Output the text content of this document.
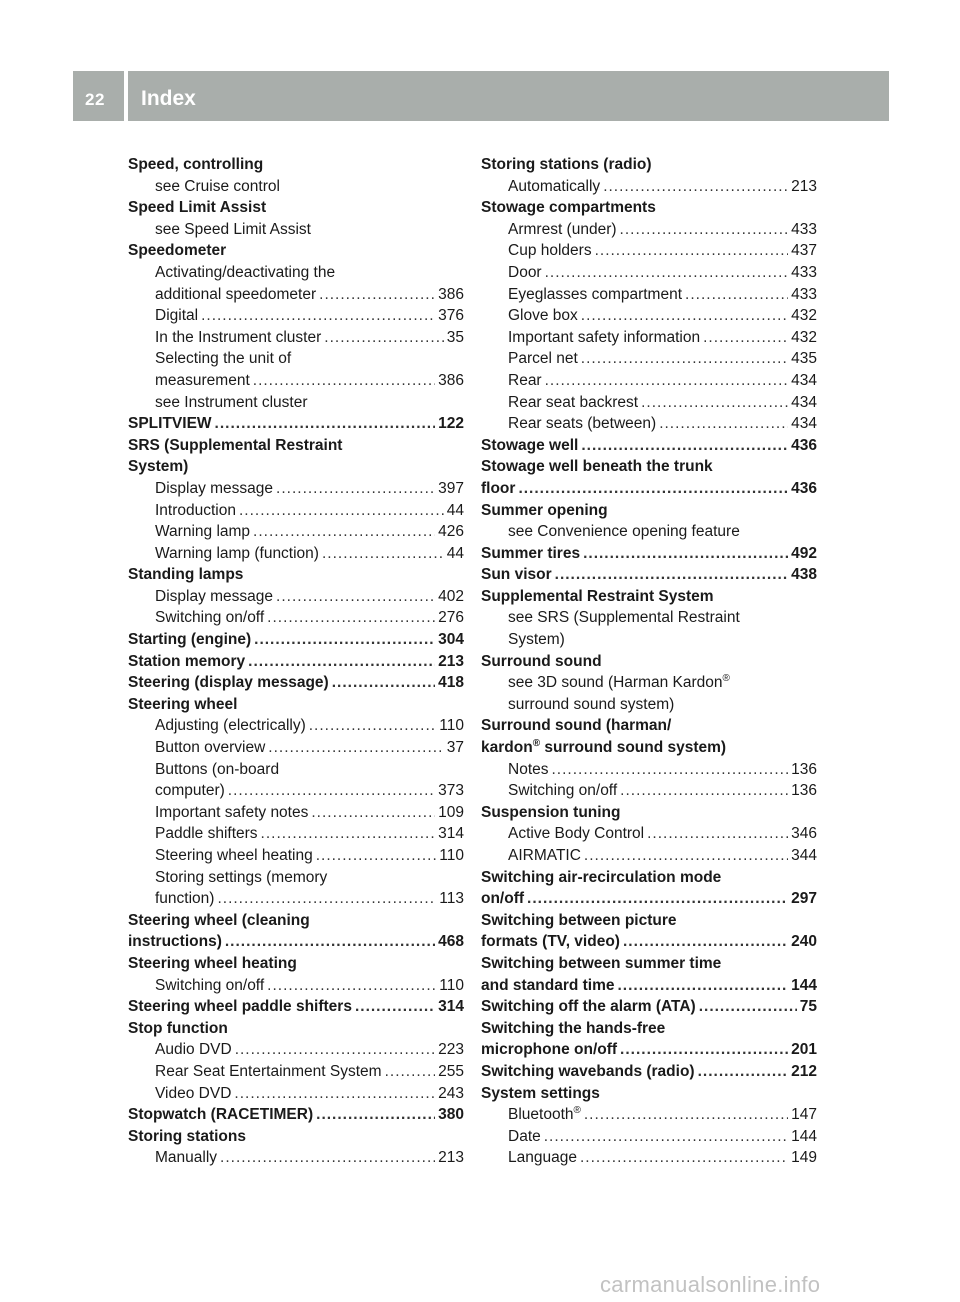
22	Index
Speed, controlling
see Cruise control
Speed Limit Assist
see Speed Limit Assist
Speedometer
Activating/deactivating the
additional speedometer .....	386
Digital .....	376
In the Instrument cluster .....	35
Selecting the unit of
measurement .....	386
see Instrument cluster
SPLITVIEW .....	122
SRS (Supplemental Restraint
System)
Display message .....	397
Introduction .....	44
Warning lamp .....	426
Warning lamp (function) .....	44
Standing lamps
Display message .....	402
Switching on/off .....	276
Starting (engine) .....	304
Station memory .....	213
Steering (display message) .....	418
Steering wheel
Adjusting (electrically) .....	110
Button overview .....	37
Buttons (on-board
computer) .....	373
Important safety notes .....	109
Paddle shifters .....	314
Steering wheel heating .....	110
Storing settings (memory
function) .....	113
Steering wheel (cleaning
instructions) .....	468
Steering wheel heating
Switching on/off .....	110
Steering wheel paddle shifters .....	314
Stop function
Audio DVD .....	223
Rear Seat Entertainment System .....	255
Video DVD .....	243
Stopwatch (RACETIMER) .....	380
Storing stations
Manually .....	213
Storing stations (radio)
Automatically .....	213
Stowage compartments
Armrest (under) .....	433
Cup holders .....	437
Door .....	433
Eyeglasses compartment .....	433
Glove box .....	432
Important safety information .....	432
Parcel net .....	435
Rear .....	434
Rear seat backrest .....	434
Rear seats (between) .....	434
Stowage well .....	436
Stowage well beneath the trunk
floor .....	436
Summer opening
see Convenience opening feature
Summer tires .....	492
Sun visor .....	438
Supplemental Restraint System
see SRS (Supplemental Restraint
System)
Surround sound
see 3D sound (Harman Kardon®
surround sound system)
Surround sound (harman/
kardon® surround sound system)
Notes .....	136
Switching on/off .....	136
Suspension tuning
Active Body Control .....	346
AIRMATIC .....	344
Switching air-recirculation mode
on/off .....	297
Switching between picture
formats (TV, video) .....	240
Switching between summer time
and standard time .....	144
Switching off the alarm (ATA) .....	75
Switching the hands-free
microphone on/off .....	201
Switching wavebands (radio) .....	212
System settings
Bluetooth® .....	147
Date .....	144
Language .....	149
carmanualsonline.info
